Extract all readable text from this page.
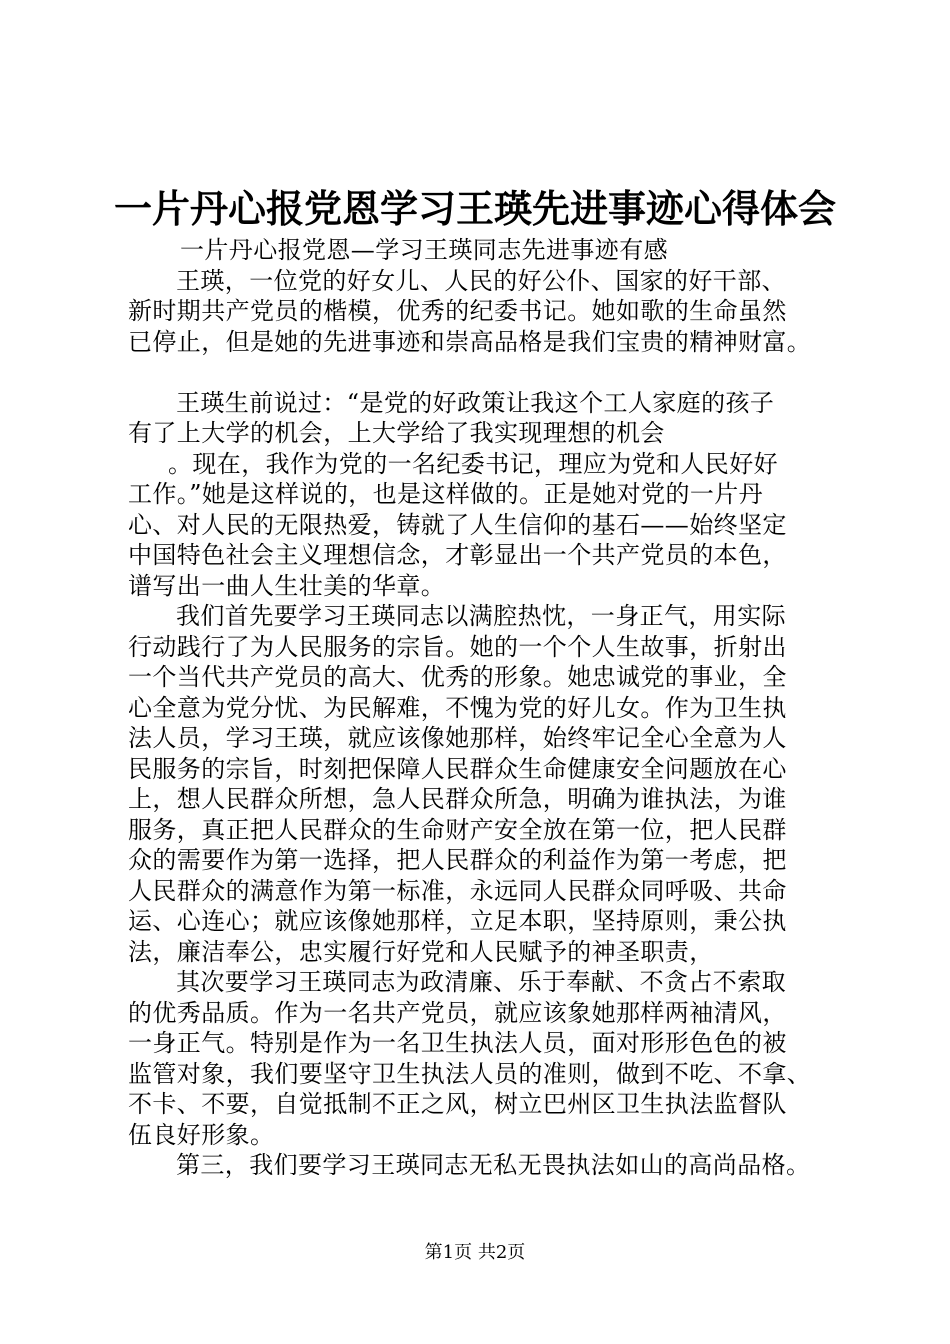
一片丹心报党恩学习王瑛先进事迹心得体会
一片丹心报党恩—学习王瑛同志先进事迹有感
王瑛，一位党的好女儿、人民的好公仆、国家的好干部、
新时期共产党员的楷模，优秀的纪委书记。她如歌的生命虽然
已停止，但是她的先进事迹和崇高品格是我们宝贵的精神财富。
王瑛生前说过：“是党的好政策让我这个工人家庭的孩子
有了上大学的机会，上大学给了我实现理想的机会
。现在，我作为党的一名纪委书记，理应为党和人民好好
工作。”她是这样说的，也是这样做的。正是她对党的一片丹
心、对人民的无限热爱，铸就了人生信仰的基石——始终坚定
中国特色社会主义理想信念，才彰显出一个共产党员的本色，
谱写出一曲人生壮美的华章。
我们首先要学习王瑛同志以满腔热忱，一身正气，用实际
行动践行了为人民服务的宗旨。她的一个个人生故事，折射出
一个当代共产党员的高大、优秀的形象。她忠诚党的事业，全
心全意为党分忧、为民解难，不愧为党的好儿女。作为卫生执
法人员，学习王瑛，就应该像她那样，始终牢记全心全意为人
民服务的宗旨，时刻把保障人民群众生命健康安全问题放在心
上，想人民群众所想，急人民群众所急，明确为谁执法，为谁
服务，真正把人民群众的生命财产安全放在第一位，把人民群
众的需要作为第一选择，把人民群众的利益作为第一考虑，把
人民群众的满意作为第一标准，永远同人民群众同呼吸、共命
运、心连心；就应该像她那样，立足本职，坚持原则，秉公执
法，廉洁奉公，忠实履行好党和人民赋予的神圣职责，
其次要学习王瑛同志为政清廉、乐于奉献、不贪占不索取
的优秀品质。作为一名共产党员，就应该象她那样两袖清风，
一身正气。特别是作为一名卫生执法人员，面对形形色色的被
监管对象，我们要坚守卫生执法人员的准则，做到不吃、不拿、
不卡、不要，自觉抵制不正之风，树立巴州区卫生执法监督队
伍良好形象。
第三，我们要学习王瑛同志无私无畏执法如山的高尚品格。
第1页 共2页
